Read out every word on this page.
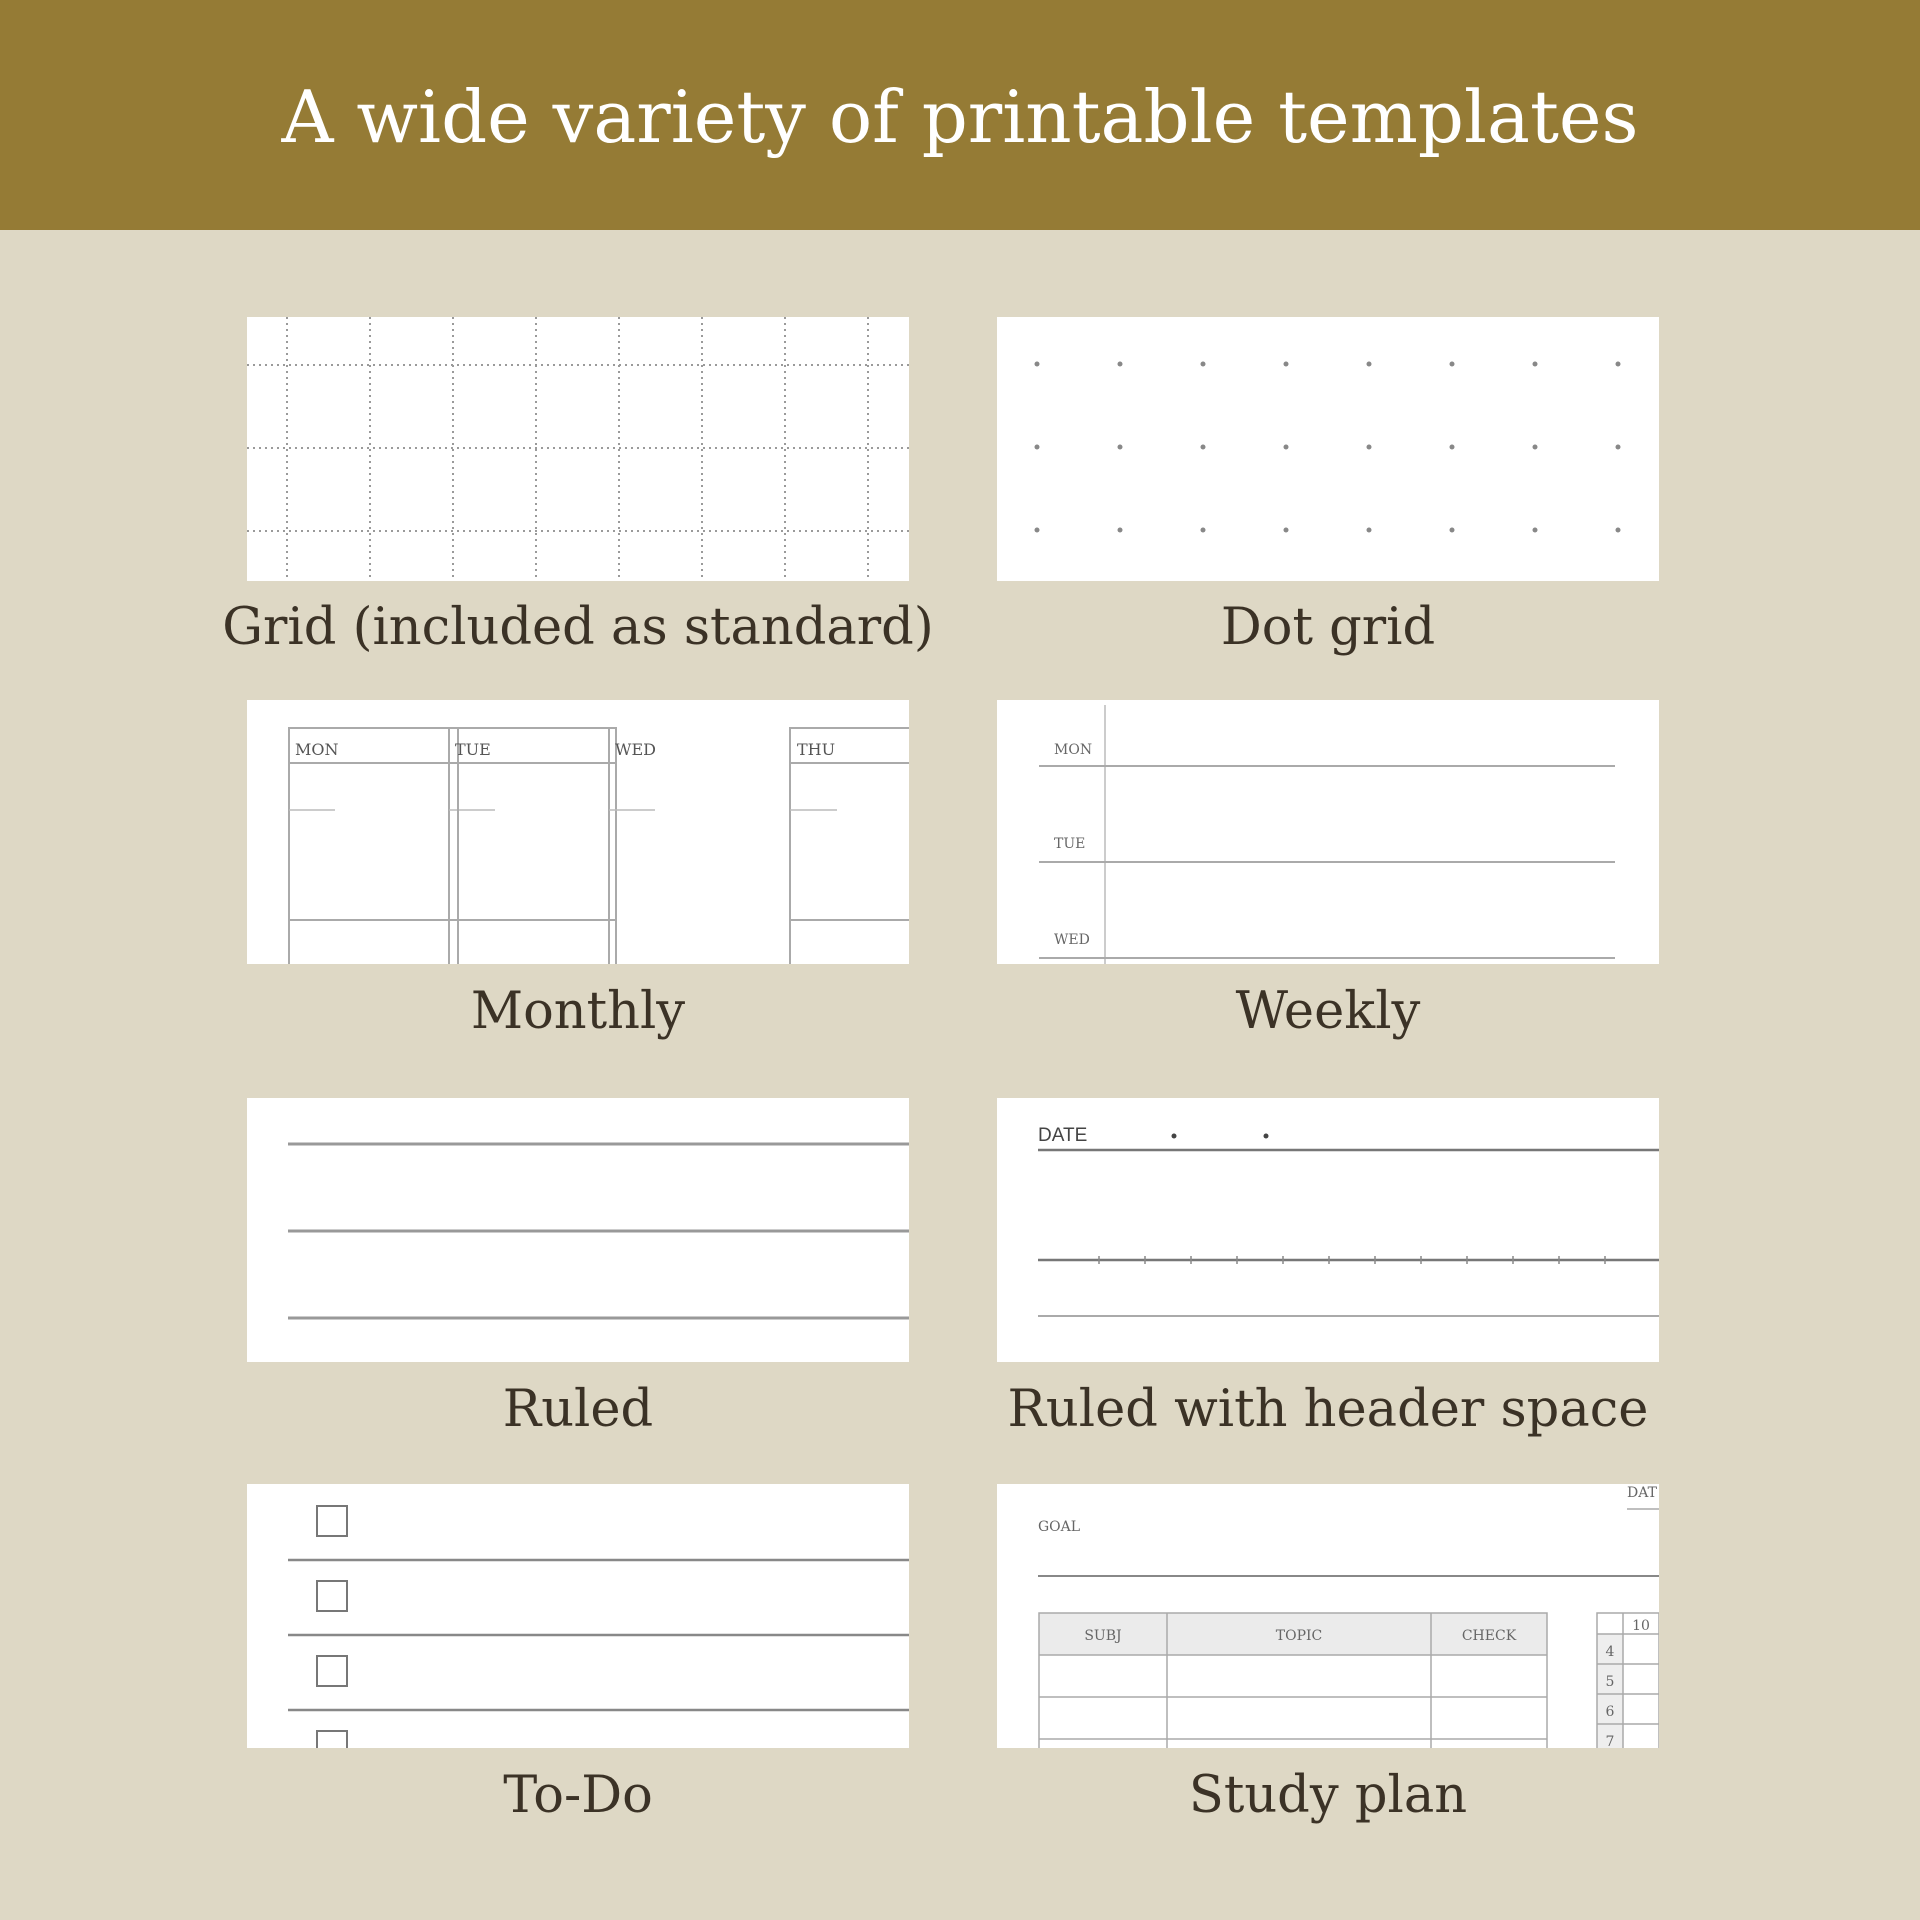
A wide variety of printable templates
Grid (included as standard)	Dot grid
MON	TUE	WED	THU
Monthly
MON
TUE
WED
Weekly
Ruled
DATE
Ruled with header space
To-Do
DAT
GOAL
SUBJ	TOPIC	CHECK
10
4
5
6
7
Study plan
